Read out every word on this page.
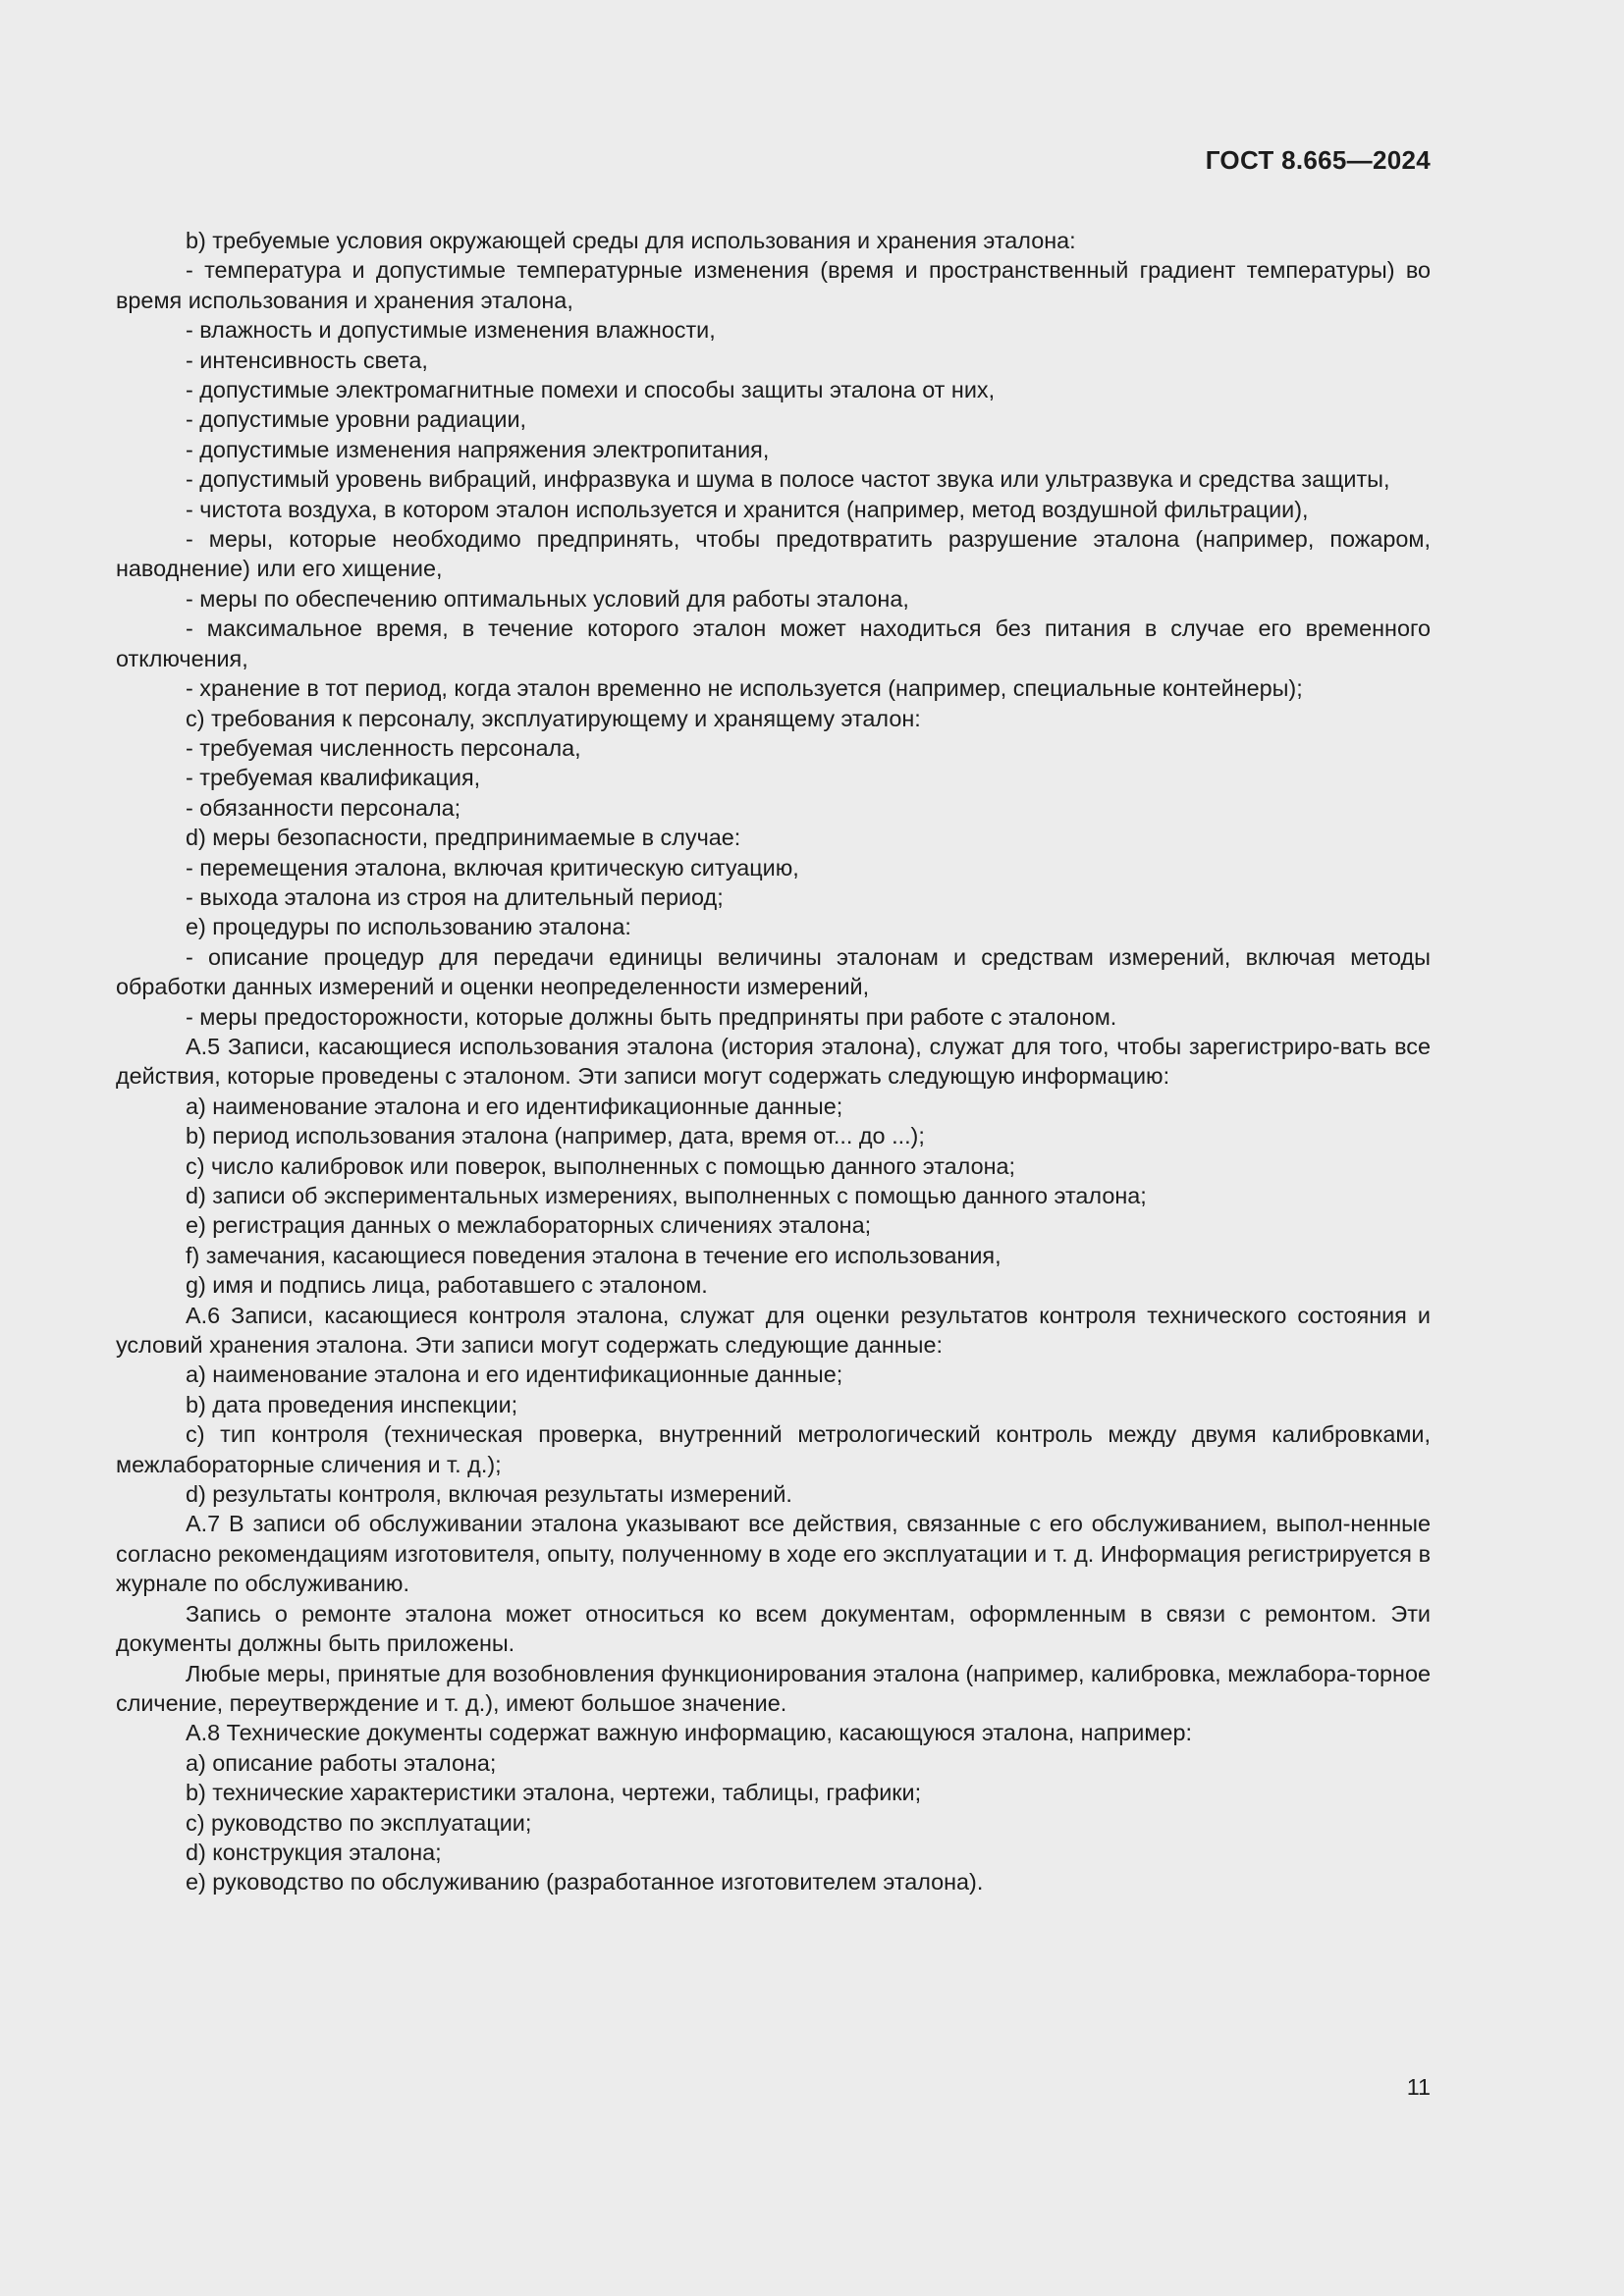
ГОСТ 8.665—2024

b) требуемые условия окружающей среды для использования и хранения эталона:

- температура и допустимые температурные изменения (время и пространственный градиент температуры) во время использования и хранения эталона,

- влажность и допустимые изменения влажности,

- интенсивность света,

- допустимые электромагнитные помехи и способы защиты эталона от них,

- допустимые уровни радиации,

- допустимые изменения напряжения электропитания,

- допустимый уровень вибраций, инфразвука и шума в полосе частот звука или ультразвука и средства защиты,

- чистота воздуха, в котором эталон используется и хранится (например, метод воздушной фильтрации),

- меры, которые необходимо предпринять, чтобы предотвратить разрушение эталона (например, пожаром, наводнение) или его хищение,

- меры по обеспечению оптимальных условий для работы эталона,

- максимальное время, в течение которого эталон может находиться без питания в случае его временного отключения,

- хранение в тот период, когда эталон временно не используется (например, специальные контейнеры);

c) требования к персоналу, эксплуатирующему и хранящему эталон:

- требуемая численность персонала,

- требуемая квалификация,

- обязанности персонала;

d) меры безопасности, предпринимаемые в случае:

- перемещения эталона, включая критическую ситуацию,

- выхода эталона из строя на длительный период;

e) процедуры по использованию эталона:

- описание процедур для передачи единицы величины эталонам и средствам измерений, включая методы обработки данных измерений и оценки неопределенности измерений,

- меры предосторожности, которые должны быть предприняты при работе с эталоном.

А.5 Записи, касающиеся использования эталона (история эталона), служат для того, чтобы зарегистриро-вать все действия, которые проведены с эталоном. Эти записи могут содержать следующую информацию:

a) наименование эталона и его идентификационные данные;

b) период использования эталона (например, дата, время от... до ...);

c) число калибровок или поверок, выполненных с помощью данного эталона;

d) записи об экспериментальных измерениях, выполненных с помощью данного эталона;

e) регистрация данных о межлабораторных сличениях эталона;

f) замечания, касающиеся поведения эталона в течение его использования,

g) имя и подпись лица, работавшего с эталоном.

А.6 Записи, касающиеся контроля эталона, служат для оценки результатов контроля технического состояния и условий хранения эталона. Эти записи могут содержать следующие данные:

a) наименование эталона и его идентификационные данные;

b) дата проведения инспекции;

c) тип контроля (техническая проверка, внутренний метрологический контроль между двумя калибровками, межлабораторные сличения и т. д.);

d) результаты контроля, включая результаты измерений.

А.7 В записи об обслуживании эталона указывают все действия, связанные с его обслуживанием, выпол-ненные согласно рекомендациям изготовителя, опыту, полученному в ходе его эксплуатации и т. д. Информация регистрируется в журнале по обслуживанию.

Запись о ремонте эталона может относиться ко всем документам, оформленным в связи с ремонтом. Эти документы должны быть приложены.

Любые меры, принятые для возобновления функционирования эталона (например, калибровка, межлабора-торное сличение, переутверждение и т. д.), имеют большое значение.

А.8 Технические документы содержат важную информацию, касающуюся эталона, например:

a) описание работы эталона;

b) технические характеристики эталона, чертежи, таблицы, графики;

c) руководство по эксплуатации;

d) конструкция эталона;

e) руководство по обслуживанию (разработанное изготовителем эталона).

11
